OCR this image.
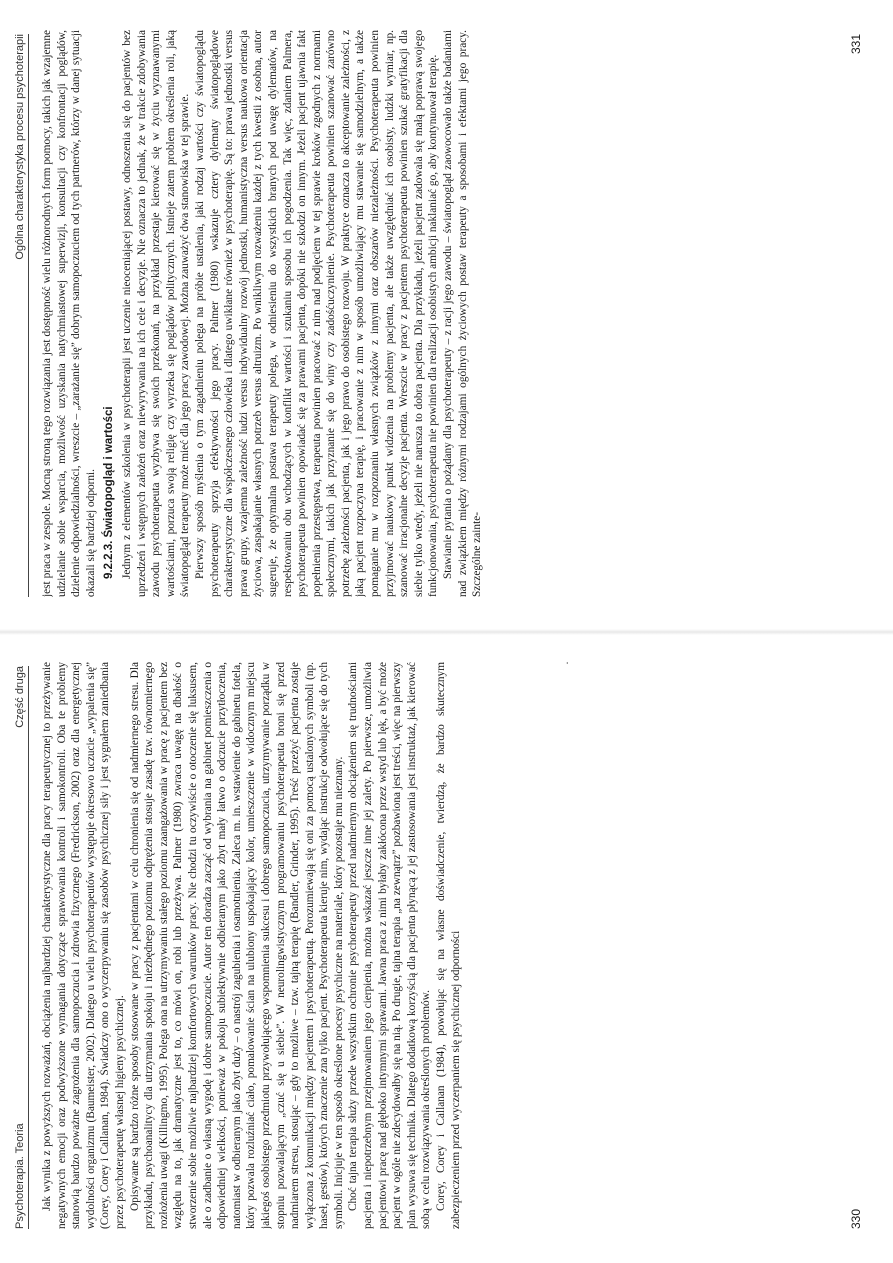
Psychoterapia. Teoria
Część druga Jak wynika z powyższych rozważań, obciążenia najbardziej charakterystyczne dla pracy terapeutycznej to przeżywanie negatywnych emocji oraz podwyższone wymagania dotyczące sprawowania kontroli i samokontroli. Oba te problemy stanowią bardzo poważne zagrożenia dla samopoczucia i zdrowia fizycznego (Fredrickson, 2002) oraz dla energetycznej wydolności organizmu (Baumeister, 2002). Dlatego u wielu psychoterapeutów występuje okresowo uczucie „wypalenia się” (Corey, Corey i Callanan, 1984). Świadczy ono o wyczerpywaniu się zasobów psychicznej siły i jest sygnałem zaniedbania przez psychoterapeutę własnej higieny psychicznej. Opisywane są bardzo różne sposoby stosowane w pracy z pacjentami w celu chronienia się od nadmiernego stresu. Dla przykładu, psychoanalitycy dla utrzymania spokoju i niezbędnego poziomu odprężenia stosuje zasadę tzw. równomiernego rozłożenia uwagi (Killingmo, 1995). Polega ona na utrzymywaniu stałego poziomu zaangażowania w pracę z pacjentem bez względu na to, jak dramatyczne jest to, co mówi on, robi lub przeżywa. Palmer (1980) zwraca uwagę na dbałość o stworzenie sobie możliwie najbardziej komfortowych warunków pracy. Nie chodzi tu oczywiście o otoczenie się luksusem, ale o zadbanie o własną wygodę i dobre samopoczucie. Autor ten doradza zacząć od wybrania na gabinet pomieszczenia o odpowiedniej wielkości, ponieważ w pokoju subiektywnie odbieranym jako zbyt mały łatwo o odczucie przytłoczenia, natomiast w odbieranym jako zbyt duży – o nastrój zagubienia i osamotnienia. Zaleca m. in. wstawienie do gabinetu fotela, który pozwala rozluźniać ciało, pomalowanie ścian na ulubiony uspokajający kolor, umieszczenie w widocznym miejscu jakiegoś osobistego przedmiotu przywołującego wspomnienia sukcesu i dobrego samopoczucia, utrzymywanie porządku w stopniu pozwalającym „czuć się u siebie”. W neurolingwistycznym programowaniu psychoterapeuta broni się przed nadmiarem stresu, stosując – gdy to możliwe – tzw. tajną terapię (Bandler, Grinder, 1995). Treść przeżyć pacjenta zostaje wyłączona z komunikacji między pacjentem i psychoterapeutą. Porozumiewają się oni za pomocą ustalonych symboli (np. haseł, gestów), których znaczenie zna tylko pacjent. Psychoterapeuta kieruje nim, wydając instrukcje odwołujące się do tych symboli. Inicjuje w ten sposób określone procesy psychiczne na materiale, który pozostaje mu nieznany. Choć tajna terapia służy przede wszystkim ochronie psychoterapeuty przed nadmiernym obciążeniem się trudnościami pacjenta i niepotrzebnym przejmowaniem jego cierpienia, można wskazać jeszcze inne jej zalety. Po pierwsze, umożliwia pacjentowi pracę nad głęboko intymnymi sprawami. Jawna praca z nimi byłaby zakłócona przez wstyd lub lęk, a być może pacjent w ogóle nie zdecydowałby się na nią. Po drugie, tajna terapia „na zewnątrz” pozbawiona jest treści, więc na pierwszy plan wysuwa się technika. Dlatego dodatkową korzyścią dla pacjenta płynącą z jej zastosowania jest instruktaż, jak kierować sobą w celu rozwiązywania określonych problemów. Corey, Corey i Callanan (1984), powołując się na własne doświadczenie, twierdzą, że bardzo skutecznym zabezpieczeniem przed wyczerpaniem się psychicznej odporności	330
·
Ogólna charakterystyka procesu psychoterapii jest praca w zespole. Mocną stroną tego rozwiązania jest dostępność wielu różnorodnych form pomocy, takich jak wzajemne udzielanie sobie wsparcia, możliwość uzyskania natychmiastowej superwizji, konsultacji czy konfrontacji poglądów, dzielenie odpowiedzialności, wreszcie – „zarażanie się” dobrym samopoczuciem od tych partnerów, którzy w danej sytuacji okazali się bardziej odporni. 9.2.2.3. Światopogląd i wartości Jednym z elementów szkolenia w psychoterapii jest uczenie nieoceniającej postawy, odnoszenia się do pacjentów bez uprzedzeń i wstępnych założeń oraz niewyrywania na ich cele i decyzje. Nie oznacza to jednak, że w trakcie zdobywania zawodu psychoterapeuta wyzbywa się swoich przekonań, na przykład przestaje kierować się w życiu wyznawanymi wartościami, porzuca swoją religię czy wyrzeka się poglądów politycznych. Istnieje zatem problem określenia roli, jaką światopogląd terapeuty może mieć dla jego pracy zawodowej. Można zauważyć dwa stanowiska w tej sprawie. Pierwszy sposób myślenia o tym zagadnieniu polega na próbie ustalenia, jaki rodzaj wartości czy światopoglądu psychoterapeuty sprzyja efektywności jego pracy. Palmer (1980) wskazuje cztery dylematy światopoglądowe charakterystyczne dla współczesnego człowieka i dlatego uwikłane również w psychoterapię. Są to: prawa jednostki versus prawa grupy, wzajemna zależność ludzi versus indywidualny rozwój jednostki, humanistyczna versus naukowa orientacja życiowa, zaspakajanie własnych potrzeb versus altruizm. Po wnikliwym rozważeniu każdej z tych kwestii z osobna, autor sugeruje, że optymalna postawa terapeuty polega, w odniesieniu do wszystkich branych pod uwagę dylematów, na respektowaniu obu wchodzących w konflikt wartości i szukaniu sposobu ich pogodzenia. Tak więc, zdaniem Palmera, psychoterapeuta powinien opowiadać się za prawami pacjenta, dopóki nie szkodzi on innym. Jeżeli pacjent ujawnia fakt popełnienia przestępstwa, terapeuta powinien pracować z nim nad podjęciem w tej sprawie kroków zgodnych z normami społecznymi, takich jak przyznanie się do winy czy zadośćuczynienie. Psychoterapeuta powinien szanować zarówno potrzebę zależności pacjenta, jak i jego prawo do osobistego rozwoju. W praktyce oznacza to akceptowanie zależności, z jaką pacjent rozpoczyna terapię, i pracowanie z nim w sposób umożliwiający mu stawanie się samodzielnym, a także pomaganie mu w rozpoznaniu własnych związków z innymi oraz obszarów niezależności. Psychoterapeuta powinien przyjmować naukowy punkt widzenia na problemy pacjenta, ale także uwzględniać ich osobisty, ludzki wymiar, np. szanować irracjonalne decyzje pacjenta. Wreszcie w pracy z pacjentem psychoterapeuta powinien szukać gratyfikacji dla siebie tylko wtedy, jeżeli nie narusza to dobra pacjenta. Dla przykładu, jeżeli pacjent zadowala się małą poprawą swojego funkcjonowania, psychoterapeuta nie powinien dla realizacji osobistych ambicji naklaniać go, aby kontynuował terapię. Stawianie pytania o pożądany dla psychoterapeuty – z racji jego zawodu – światopogląd zaowocowało także badaniami nad związkiem między różnymi rodzajami ogólnych życiowych postaw terapeuty a sposobami i efektami jego pracy. Szczególne zainte-

331
